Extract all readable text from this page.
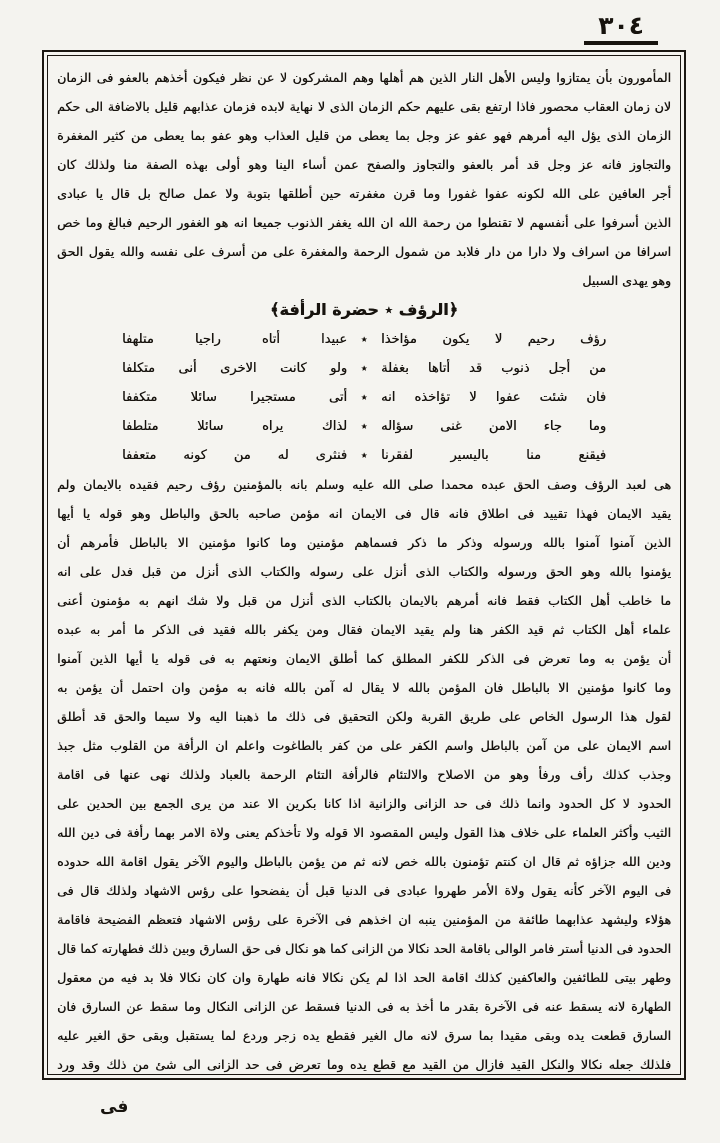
٣٠٤
المأمورون بأن يمتازوا وليس الأهل النار الذين هم أهلها وهم المشركون لا عن نظر فيكون أخذهم بالعفو فى الزمان
لان زمان العقاب محصور فاذا ارتفع بقى عليهم حكم الزمان الذى لا نهاية لابده فزمان عذابهم قليل بالاضافة الى حكم
الزمان الذى يؤل اليه أمرهم فهو عفو عز وجل بما يعطى من قليل العذاب وهو عفو بما يعطى من كثير المغفرة
والتجاوز فانه عز وجل قد أمر بالعفو والتجاوز والصفح عمن أساء الينا وهو أولى بهذه الصفة منا ولذلك كان
أجر العافين على الله لكونه عفوا غفورا وما قرن مغفرته حين أطلقها بتوبة ولا عمل صالح بل قال يا عبادى
الذين أسرفوا على أنفسهم لا تقنطوا من رحمة الله ان الله يغفر الذنوب جميعا انه هو الغفور الرحيم فبالغ وما خص
اسرافا من اسراف ولا دارا من دار فلابد من شمول الرحمة والمغفرة على من أسرف على نفسه والله يقول الحق
وهو يهدى السبيل
﴿الرؤف ٭ حضرة الرأفة﴾
رؤف رحيم لا يكون مؤاخذا
٭
عبيدا أتاه راجيا متلهفا
من أجل ذنوب قد أتاها بغفلة
٭
ولو كانت الاخرى أنى متكلفا
فان شئت عفوا لا تؤاخذه انه
٭
أتى مستجيرا سائلا متكففا
وما جاء الامن غنى سؤاله
٭
لذاك يراه سائلا متلطفا
فيقنع منا باليسير لفقرنا
٭
فنثرى له من كونه متعففا
هى لعبد الرؤف وصف الحق عبده محمدا صلى الله عليه وسلم بانه بالمؤمنين رؤف رحيم فقيده بالايمان ولم
يقيد الايمان فهذا تقييد فى اطلاق فانه قال فى الايمان انه مؤمن صاحبه بالحق والباطل وهو قوله يا أيها
الذين آمنوا آمنوا بالله ورسوله وذكر ما ذكر فسماهم مؤمنين وما كانوا مؤمنين الا بالباطل فأمرهم أن
يؤمنوا بالله وهو الحق ورسوله والكتاب الذى أنزل على رسوله والكتاب الذى أنزل من قبل فدل على انه
ما خاطب أهل الكتاب فقط فانه أمرهم بالايمان بالكتاب الذى أنزل من قبل ولا شك انهم به مؤمنون أعنى
علماء أهل الكتاب ثم قيد الكفر هنا ولم يقيد الايمان فقال ومن يكفر بالله فقيد فى الذكر ما أمر به عبده
أن يؤمن به وما تعرض فى الذكر للكفر المطلق كما أطلق الايمان ونعتهم به فى قوله يا أيها الذين آمنوا
وما كانوا مؤمنين الا بالباطل فان المؤمن بالله لا يقال له آمن بالله فانه به مؤمن وان احتمل أن يؤمن به
لقول هذا الرسول الخاص على طريق القربة ولكن التحقيق فى ذلك ما ذهبنا اليه ولا سيما والحق قد أطلق
اسم الايمان على من آمن بالباطل واسم الكفر على من كفر بالطاغوت واعلم ان الرأفة من القلوب مثل جبذ
وجذب كذلك رأف ورفأ وهو من الاصلاح والالتئام فالرأفة التئام الرحمة بالعباد ولذلك نهى عنها فى اقامة
الحدود لا كل الحدود وانما ذلك فى حد الزانى والزانية اذا كانا بكرين الا عند من يرى الجمع بين الحدين على
الثيب وأكثر العلماء على خلاف هذا القول وليس المقصود الا قوله ولا تأخذكم يعنى ولاة الامر بهما رأفة فى دين الله
ودين الله جزاؤه ثم قال ان كنتم تؤمنون بالله خص لانه ثم من يؤمن بالباطل واليوم الآخر يقول اقامة الله حدوده
فى اليوم الآخر كأنه يقول ولاة الأمر طهروا عبادى فى الدنيا قبل أن يفضحوا على رؤس الاشهاد ولذلك قال فى
هؤلاء وليشهد عذابهما طائفة من المؤمنين ينبه ان اخذهم فى الآخرة على رؤس الاشهاد فتعظم الفضيحة فاقامة
الحدود فى الدنيا أستر فامر الوالى باقامة الحد نكالا من الزانى كما هو نكال فى حق السارق وبين ذلك فطهارته كما قال
وطهر بيتى للطائفين والعاكفين كذلك اقامة الحد اذا لم يكن نكالا فانه طهارة وان كان نكالا فلا بد فيه من معقول
الطهارة لانه يسقط عنه فى الآخرة بقدر ما أخذ به فى الدنيا فسقط عن الزانى النكال وما سقط عن السارق فان
السارق قطعت يده وبقى مقيدا بما سرق لانه مال الغير فقطع يده زجر وردع لما يستقبل وبقى حق الغير عليه
فلذلك جعله نكالا والنكل القيد فازال من القيد مع قطع يده وما تعرض فى حد الزانى الى شئ من ذلك وقد ورد
فى
